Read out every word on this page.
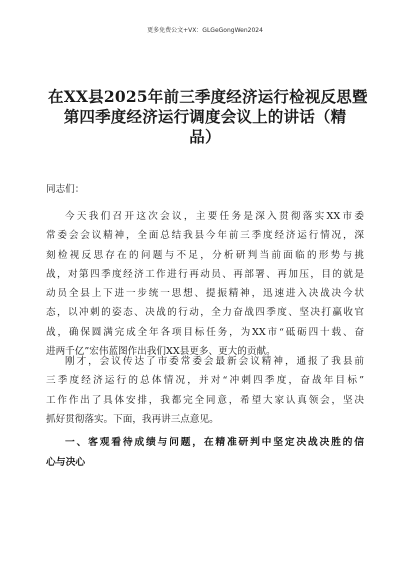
更多免费公文+VX：GLGeGongWen2024
在XX县2025年前三季度经济运行检视反思暨
第四季度经济运行调度会议上的讲话（精
品）
同志们：
今天我们召开这次会议，主要任务是深入贯彻落实XX市委
常委会会议精神，全面总结我县今年前三季度经济运行情况，深
刻检视反思存在的问题与不足，分析研判当前面临的形势与挑
战，对第四季度经济工作进行再动员、再部署、再加压，目的就是
动员全县上下进一步统一思想、提振精神，迅速进入决战决今状
态，以冲刺的姿态、决战的行动，全力奋战四季度、坚决打赢收官
战，确保圆满完成全年各项目标任务，为XX市“砥砺四十载、奋
进两千亿”宏伟蓝图作出我们XX县更多、更大的贡献。
刚才，会议传达了市委常委会最新会议精神，通报了我县前
三季度经济运行的总体情况，并对“冲刺四季度，奋战年目标”
工作作出了具体安排，我都完全同意，希望大家认真领会，坚决
抓好贯彻落实。下面，我再讲三点意见。
一、客观看待成绩与问题，在精准研判中坚定决战决胜的信
心与决心
